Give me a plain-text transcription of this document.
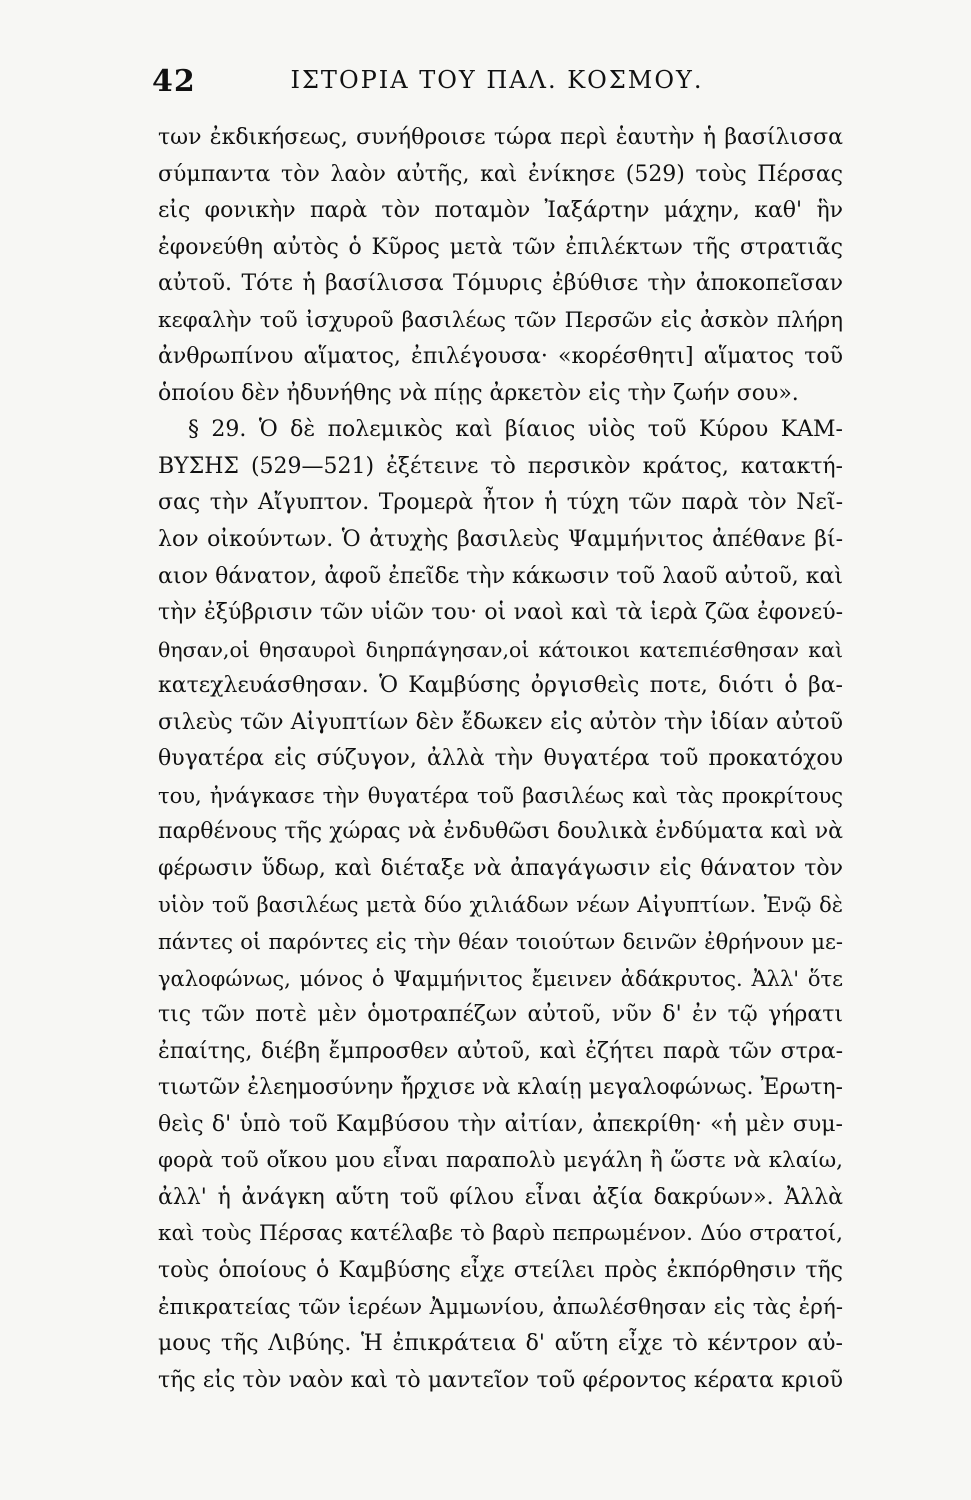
42	ΙΣΤΟΡΙΑ ΤΟΥ ΠΑΛ. ΚΟΣΜΟΥ.
των ἐκδικήσεως, συνήθροισε τώρα περὶ ἑαυτὴν ἡ βασίλισσα
σύμπαντα τὸν λαὸν αὐτῆς, καὶ ἐνίκησε (529) τοὺς Πέρσας
εἰς φονικὴν παρὰ τὸν ποταμὸν Ἰαξάρτην μάχην, καθ' ἣν
ἐφονεύθη αὐτὸς ὁ Κῦρος μετὰ τῶν ἐπιλέκτων τῆς στρατιᾶς
αὐτοῦ. Τότε ἡ βασίλισσα Τόμυρις ἐβύθισε τὴν ἀποκοπεῖσαν
κεφαλὴν τοῦ ἰσχυροῦ βασιλέως τῶν Περσῶν εἰς ἀσκὸν πλήρη
ἀνθρωπίνου αἵματος, ἐπιλέγουσα· «κορέσθητι] αἵματος τοῦ
ὁποίου δὲν ἠδυνήθης νὰ πίῃς ἀρκετὸν εἰς τὴν ζωήν σου».
§ 29. Ὁ δὲ πολεμικὸς καὶ βίαιος υἱὸς τοῦ Κύρου ΚΑΜ-
ΒΥΣΗΣ (529—521) ἐξέτεινε τὸ περσικὸν κράτος, κατακτή-
σας τὴν Αἴγυπτον. Τρομερὰ ἦτον ἡ τύχη τῶν παρὰ τὸν Νεῖ-
λον οἰκούντων. Ὁ ἀτυχὴς βασιλεὺς Ψαμμήνιτος ἀπέθανε βί-
αιον θάνατον, ἀφοῦ ἐπεῖδε τὴν κάκωσιν τοῦ λαοῦ αὐτοῦ, καὶ
τὴν ἐξύβρισιν τῶν υἱῶν του· οἱ ναοὶ καὶ τὰ ἱερὰ ζῶα ἐφονεύ-
θησαν,οἱ θησαυροὶ διηρπάγησαν,οἱ κάτοικοι κατεπιέσθησαν καὶ
κατεχλευάσθησαν. Ὁ Καμβύσης ὀργισθεὶς ποτε, διότι ὁ βα-
σιλεὺς τῶν Αἰγυπτίων δὲν ἔδωκεν εἰς αὐτὸν τὴν ἰδίαν αὐτοῦ
θυγατέρα εἰς σύζυγον, ἀλλὰ τὴν θυγατέρα τοῦ προκατόχου
του, ἠνάγκασε τὴν θυγατέρα τοῦ βασιλέως καὶ τὰς προκρίτους
παρθένους τῆς χώρας νὰ ἐνδυθῶσι δουλικὰ ἐνδύματα καὶ νὰ
φέρωσιν ὕδωρ, καὶ διέταξε νὰ ἀπαγάγωσιν εἰς θάνατον τὸν
υἱὸν τοῦ βασιλέως μετὰ δύο χιλιάδων νέων Αἰγυπτίων. Ἐνῷ δὲ
πάντες οἱ παρόντες εἰς τὴν θέαν τοιούτων δεινῶν ἐθρήνουν με-
γαλοφώνως, μόνος ὁ Ψαμμήνιτος ἔμεινεν ἀδάκρυτος. Ἀλλ' ὅτε
τις τῶν ποτὲ μὲν ὁμοτραπέζων αὐτοῦ, νῦν δ' ἐν τῷ γήρατι
ἐπαίτης, διέβη ἔμπροσθεν αὐτοῦ, καὶ ἐζήτει παρὰ τῶν στρα-
τιωτῶν ἐλεημοσύνην ἤρχισε νὰ κλαίῃ μεγαλοφώνως. Ἐρωτη-
θεὶς δ' ὑπὸ τοῦ Καμβύσου τὴν αἰτίαν, ἀπεκρίθη· «ἡ μὲν συμ-
φορὰ τοῦ οἴκου μου εἶναι παραπολὺ μεγάλη ἢ ὥστε νὰ κλαίω,
ἀλλ' ἡ ἀνάγκη αὕτη τοῦ φίλου εἶναι ἀξία δακρύων». Ἀλλὰ
καὶ τοὺς Πέρσας κατέλαβε τὸ βαρὺ πεπρωμένον. Δύο στρατοί,
τοὺς ὁποίους ὁ Καμβύσης εἶχε στείλει πρὸς ἐκπόρθησιν τῆς
ἐπικρατείας τῶν ἱερέων Ἀμμωνίου, ἀπωλέσθησαν εἰς τὰς ἐρή-
μους τῆς Λιβύης. Ἡ ἐπικράτεια δ' αὕτη εἶχε τὸ κέντρον αὐ-
τῆς εἰς τὸν ναὸν καὶ τὸ μαντεῖον τοῦ φέροντος κέρατα κριοῦ
